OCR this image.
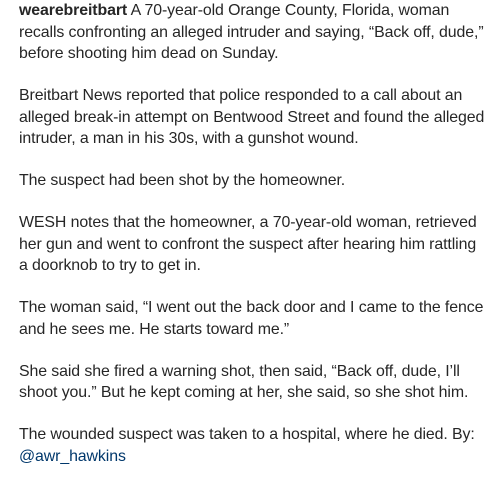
wearebreitbart A 70-year-old Orange County, Florida, woman recalls confronting an alleged intruder and saying, “Back off, dude,” before shooting him dead on Sunday.

Breitbart News reported that police responded to a call about an alleged break-in attempt on Bentwood Street and found the alleged intruder, a man in his 30s, with a gunshot wound.

The suspect had been shot by the homeowner.

WESH notes that the homeowner, a 70-year-old woman, retrieved her gun and went to confront the suspect after hearing him rattling a doorknob to try to get in.

The woman said, “I went out the back door and I came to the fence and he sees me. He starts toward me.”

She said she fired a warning shot, then said, “Back off, dude, I’ll shoot you.” But he kept coming at her, she said, so she shot him.

The wounded suspect was taken to a hospital, where he died. By: @awr_hawkins
